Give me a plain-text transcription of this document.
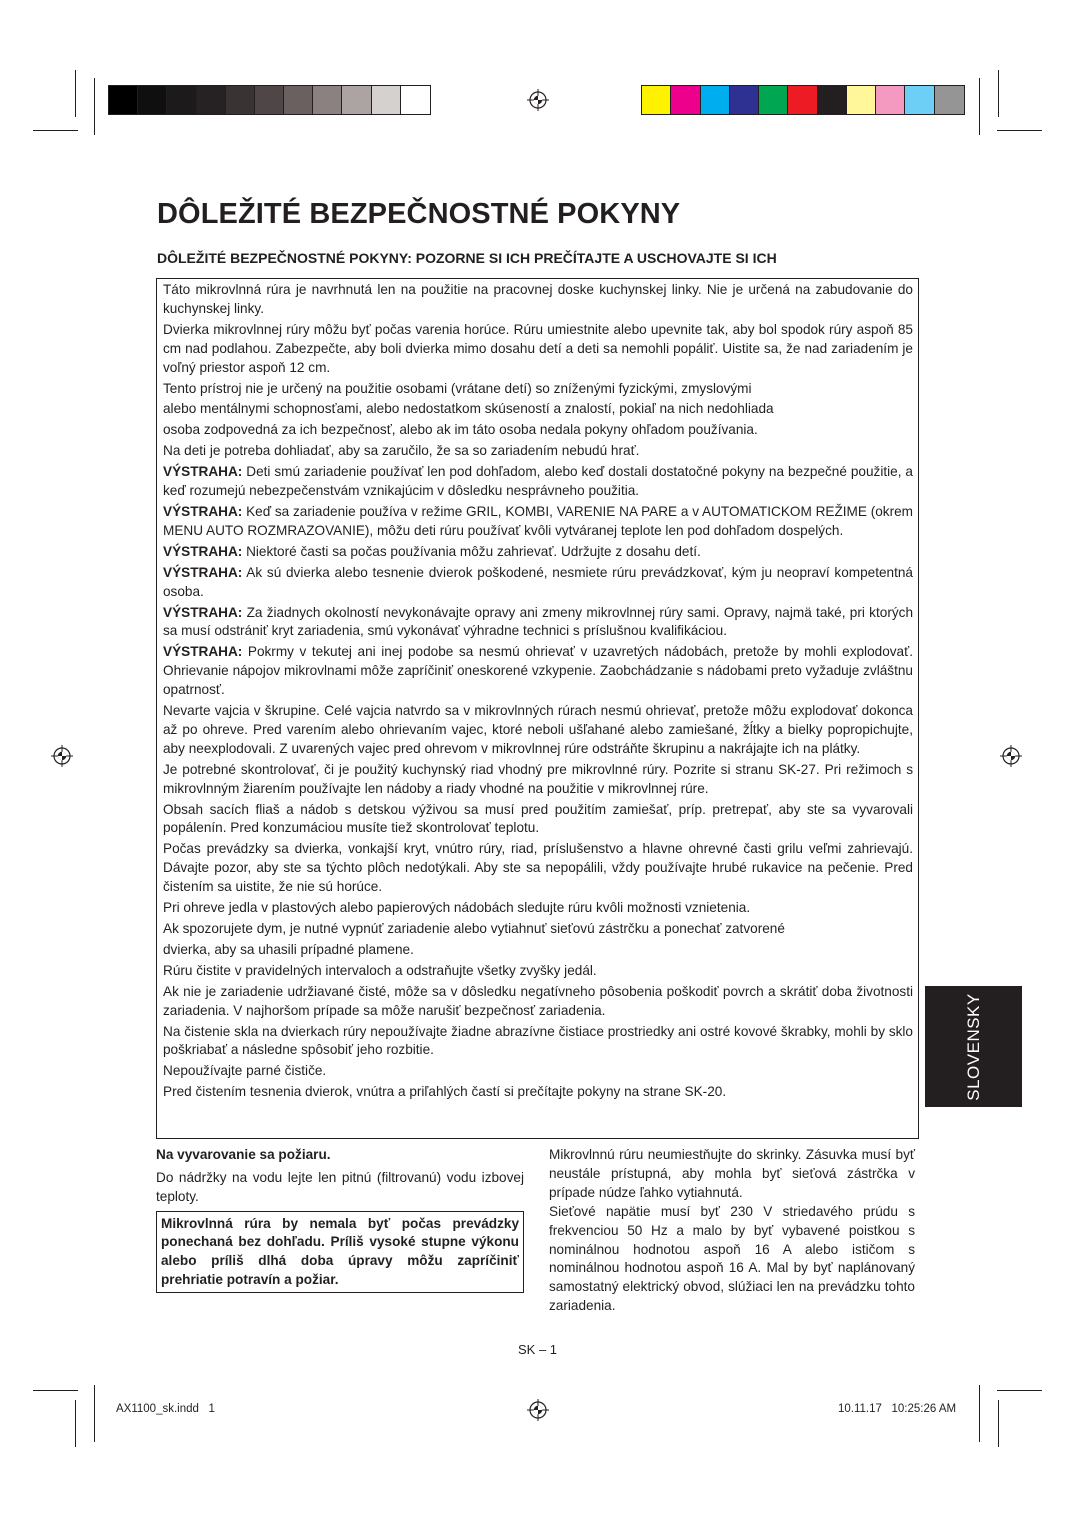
DÔLEŽITÉ BEZPEČNOSTNÉ POKYNY
DÔLEŽITÉ BEZPEČNOSTNÉ POKYNY: POZORNE SI ICH PREČÍTAJTE A USCHOVAJTE SI ICH

Táto mikrovlnná rúra je navrhnutá len na použitie na pracovnej doske kuchynskej linky. Nie je určená na zabudovanie do kuchynskej linky.

Dvierka mikrovlnnej rúry môžu byť počas varenia horúce. Rúru umiestnite alebo upevnite tak, aby bol spodok rúry aspoň 85 cm nad podlahou. Zabezpečte, aby boli dvierka mimo dosahu detí a deti sa nemohli popáliť. Uistite sa, že nad zariadením je voľný priestor aspoň 12 cm.

Tento prístroj nie je určený na použitie osobami (vrátane detí) so zníženými fyzickými, zmyslovými

alebo mentálnymi schopnosťami, alebo nedostatkom skúseností a znalostí, pokiaľ na nich nedohliada

osoba zodpovedná za ich bezpečnosť, alebo ak im táto osoba nedala pokyny ohľadom používania.

Na deti je potreba dohliadať, aby sa zaručilo, že sa so zariadením nebudú hrať.

VÝSTRAHA: Deti smú zariadenie používať len pod dohľadom, alebo keď dostali dostatočné pokyny na bezpečné použitie, a keď rozumejú nebezpečenstvám vznikajúcim v dôsledku nesprávneho použitia.

VÝSTRAHA: Keď sa zariadenie používa v režime GRIL, KOMBI, VARENIE NA PARE a v AUTOMATICKOM REŽIME (okrem MENU AUTO ROZMRAZOVANIE), môžu deti rúru používať kvôli vytváranej teplote len pod dohľadom dospelých.

VÝSTRAHA: Niektoré časti sa počas používania môžu zahrievať. Udržujte z dosahu detí.

VÝSTRAHA: Ak sú dvierka alebo tesnenie dvierok poškodené, nesmiete rúru prevádzkovať, kým ju neopraví kompetentná osoba.

VÝSTRAHA: Za žiadnych okolností nevykonávajte opravy ani zmeny mikrovlnnej rúry sami. Opravy, najmä také, pri ktorých sa musí odstrániť kryt zariadenia, smú vykonávať výhradne technici s príslušnou kvalifikáciou.

VÝSTRAHA: Pokrmy v tekutej ani inej podobe sa nesmú ohrievať v uzavretých nádobách, pretože by mohli explodovať. Ohrievanie nápojov mikrovlnami môže zapríčiniť oneskorené vzkypenie. Zaobchádzanie s nádobami preto vyžaduje zvláštnu opatrnosť.

Nevarte vajcia v škrupine. Celé vajcia natvrdo sa v mikrovlnných rúrach nesmú ohrievať, pretože môžu explodovať dokonca až po ohreve. Pred varením alebo ohrievaním vajec, ktoré neboli ušľahané alebo zamiešané, žĺtky a bielky popropichujte, aby neexplodovali. Z uvarených vajec pred ohrevom v mikrovlnnej rúre odstráňte škrupinu a nakrájajte ich na plátky.

Je potrebné skontrolovať, či je použitý kuchynský riad vhodný pre mikrovlnné rúry. Pozrite si stranu SK-27. Pri režimoch s mikrovlnným žiarením používajte len nádoby a riady vhodné na použitie v mikrovlnnej rúre.

Obsah sacích fliaš a nádob s detskou výživou sa musí pred použitím zamiešať, príp. pretrepať, aby ste sa vyvarovali popálenín. Pred konzumáciou musíte tiež skontrolovať teplotu.

Počas prevádzky sa dvierka, vonkajší kryt, vnútro rúry, riad, príslušenstvo a hlavne ohrevné časti grilu veľmi zahrievajú. Dávajte pozor, aby ste sa týchto plôch nedotýkali. Aby ste sa nepopálili, vždy používajte hrubé rukavice na pečenie. Pred čistením sa uistite, že nie sú horúce.

Pri ohreve jedla v plastových alebo papierových nádobách sledujte rúru kvôli možnosti vznietenia.

Ak spozorujete dym, je nutné vypnúť zariadenie alebo vytiahnuť sieťovú zástrčku a ponechať zatvorené

dvierka, aby sa uhasili prípadné plamene.

Rúru čistite v pravidelných intervaloch a odstraňujte všetky zvyšky jedál.

Ak nie je zariadenie udržiavané čisté, môže sa v dôsledku negatívneho pôsobenia poškodiť povrch a skrátiť doba životnosti zariadenia. V najhoršom prípade sa môže narušiť bezpečnosť zariadenia.

Na čistenie skla na dvierkach rúry nepoužívajte žiadne abrazívne čistiace prostriedky ani ostré kovové škrabky, mohli by sklo poškriabať a následne spôsobiť jeho rozbitie.

Nepoužívajte parné čističe.

Pred čistením tesnenia dvierok, vnútra a priľahlých častí si prečítajte pokyny na strane SK-20.

Na vyvarovanie sa požiaru.

Do nádržky na vodu lejte len pitnú (filtrovanú) vodu izbovej teploty.

Mikrovlnná rúra by nemala byť počas prevádzky ponechaná bez dohľadu. Príliš vysoké stupne výkonu alebo príliš dlhá doba úpravy môžu zapríčiniť prehriatie potravín a požiar.

Mikrovlnnú rúru neumiestňujte do skrinky. Zásuvka musí byť neustále prístupná, aby mohla byť sieťová zástrčka v prípade núdze ľahko vytiahnutá.

Sieťové napätie musí byť 230 V striedavého prúdu s frekvenciou 50 Hz a malo by byť vybavené poistkou s nominálnou hodnotou aspoň 16 A alebo ističom s nominálnou hodnotou aspoň 16 A. Mal by byť naplánovaný samostatný elektrický obvod, slúžiaci len na prevádzku tohto zariadenia.

SLOVENSKY
SK – 1
AX1100_sk.indd   1	10.11.17   10:25:26 AM
